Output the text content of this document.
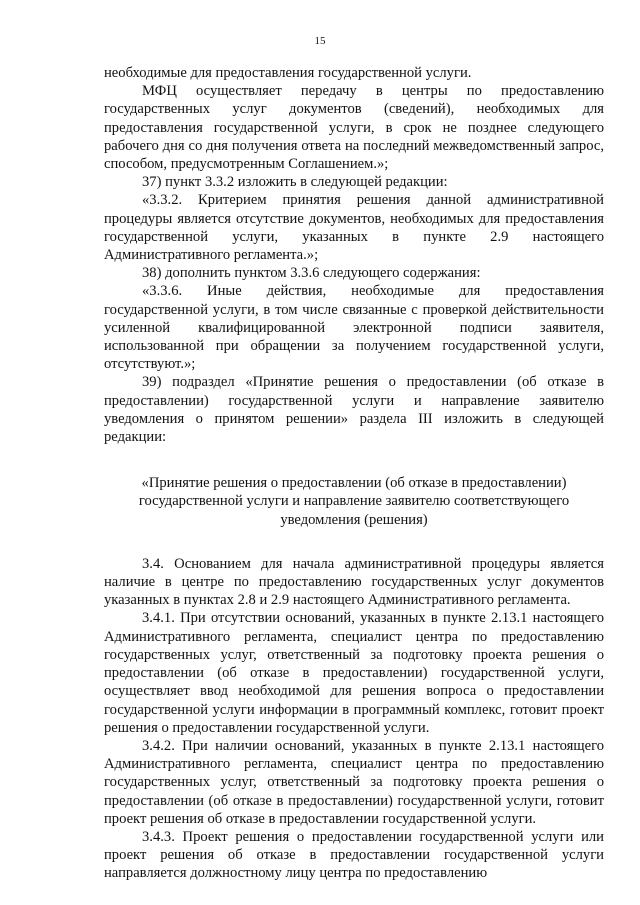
15

необходимые для предоставления государственной услуги.

МФЦ осуществляет передачу в центры по предоставлению государственных услуг документов (сведений), необходимых для предоставления государственной услуги, в срок не позднее следующего рабочего дня со дня получения ответа на последний межведомственный запрос, способом, предусмотренным Соглашением.»;

37) пункт 3.3.2 изложить в следующей редакции:

«3.3.2. Критерием принятия решения данной административной процедуры является отсутствие документов, необходимых для предоставления государственной услуги, указанных в пункте 2.9 настоящего Административного регламента.»;

38) дополнить пунктом 3.3.6 следующего содержания:

«3.3.6. Иные действия, необходимые для предоставления государственной услуги, в том числе связанные с проверкой действительности усиленной квалифицированной электронной подписи заявителя, использованной при обращении за получением государственной услуги, отсутствуют.»;

39) подраздел «Принятие решения о предоставлении (об отказе в предоставлении) государственной услуги и направление заявителю уведомления о принятом решении» раздела III изложить в следующей редакции:

«Принятие решения о предоставлении (об отказе в предоставлении)
государственной услуги и направление заявителю соответствующего
уведомления (решения)

3.4. Основанием для начала административной процедуры является наличие в центре по предоставлению государственных услуг документов указанных в пунктах 2.8 и 2.9 настоящего Административного регламента.

3.4.1. При отсутствии оснований, указанных в пункте 2.13.1 настоящего Административного регламента, специалист центра по предоставлению государственных услуг, ответственный за подготовку проекта решения о предоставлении (об отказе в предоставлении) государственной услуги, осуществляет ввод необходимой для решения вопроса о предоставлении государственной услуги информации в программный комплекс, готовит проект решения о предоставлении государственной услуги.

3.4.2. При наличии оснований, указанных в пункте 2.13.1 настоящего Административного регламента, специалист центра по предоставлению государственных услуг, ответственный за подготовку проекта решения о предоставлении (об отказе в предоставлении) государственной услуги, готовит проект решения об отказе в предоставлении государственной услуги.

3.4.3. Проект решения о предоставлении государственной услуги или проект решения об отказе в предоставлении государственной услуги направляется должностному лицу центра по предоставлению
